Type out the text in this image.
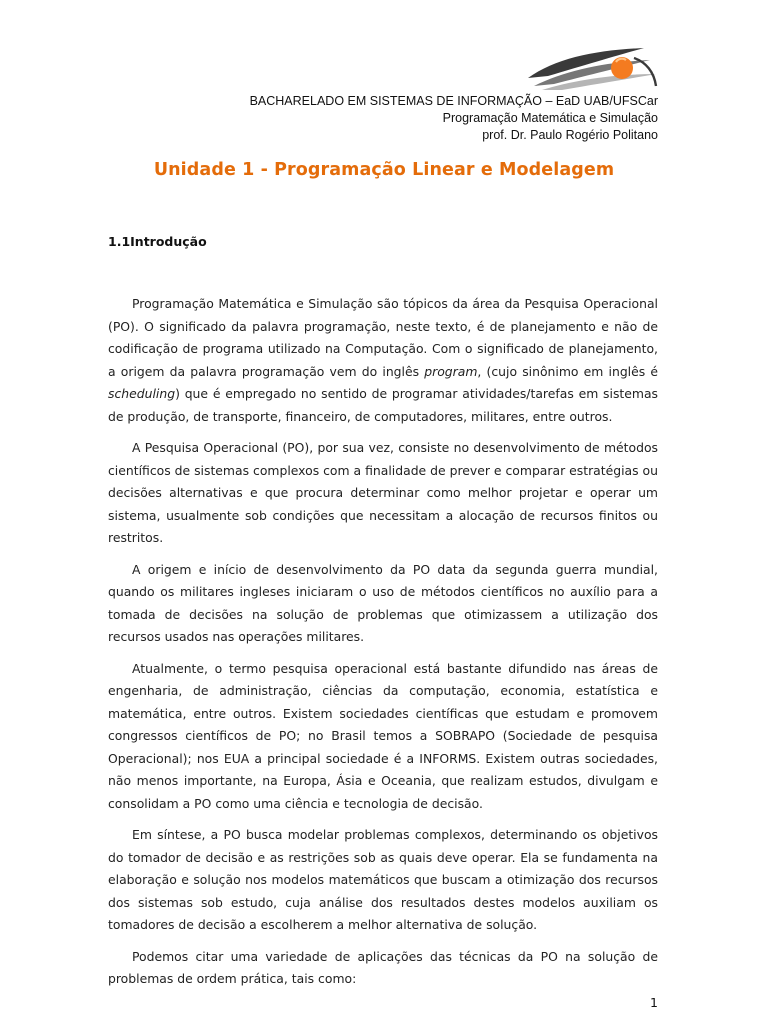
BACHARELADO EM SISTEMAS DE INFORMAÇÃO – EaD UAB/UFSCar
Programação Matemática e Simulação
prof. Dr. Paulo Rogério Politano
Unidade 1 - Programação Linear e Modelagem
1.1Introdução

Programação Matemática e Simulação são tópicos da área da Pesquisa Operacional (PO). O significado da palavra programação, neste texto, é de planejamento e não de codificação de programa utilizado na Computação. Com o significado de planejamento, a origem da palavra programação vem do inglês program, (cujo sinônimo em inglês é scheduling) que é empregado no sentido de programar atividades/tarefas em sistemas de produção, de transporte, financeiro, de computadores, militares, entre outros.

A Pesquisa Operacional (PO), por sua vez, consiste no desenvolvimento de métodos científicos de sistemas complexos com a finalidade de prever e comparar estratégias ou decisões alternativas e que procura determinar como melhor projetar e operar um sistema, usualmente sob condições que necessitam a alocação de recursos finitos ou restritos.

A origem e início de desenvolvimento da PO data da segunda guerra mundial, quando os militares ingleses iniciaram o uso de métodos científicos no auxílio para a tomada de decisões na solução de problemas que otimizassem a utilização dos recursos usados nas operações militares.

Atualmente, o termo pesquisa operacional está bastante difundido nas áreas de engenharia, de administração, ciências da computação, economia, estatística e matemática, entre outros. Existem sociedades científicas que estudam e promovem congressos científicos de PO; no Brasil temos a SOBRAPO (Sociedade de pesquisa Operacional); nos EUA a principal sociedade é a INFORMS. Existem outras sociedades, não menos importante, na Europa, Ásia e Oceania, que realizam estudos, divulgam e consolidam a PO como uma ciência e tecnologia de decisão.

Em síntese, a PO busca modelar problemas complexos, determinando os objetivos do tomador de decisão e as restrições sob as quais deve operar. Ela se fundamenta na elaboração e solução nos modelos matemáticos que buscam a otimização dos recursos dos sistemas sob estudo, cuja análise dos resultados destes modelos auxiliam os tomadores de decisão a escolherem a melhor alternativa de solução.

Podemos citar uma variedade de aplicações das técnicas da PO na solução de problemas de ordem prática, tais como:

1
